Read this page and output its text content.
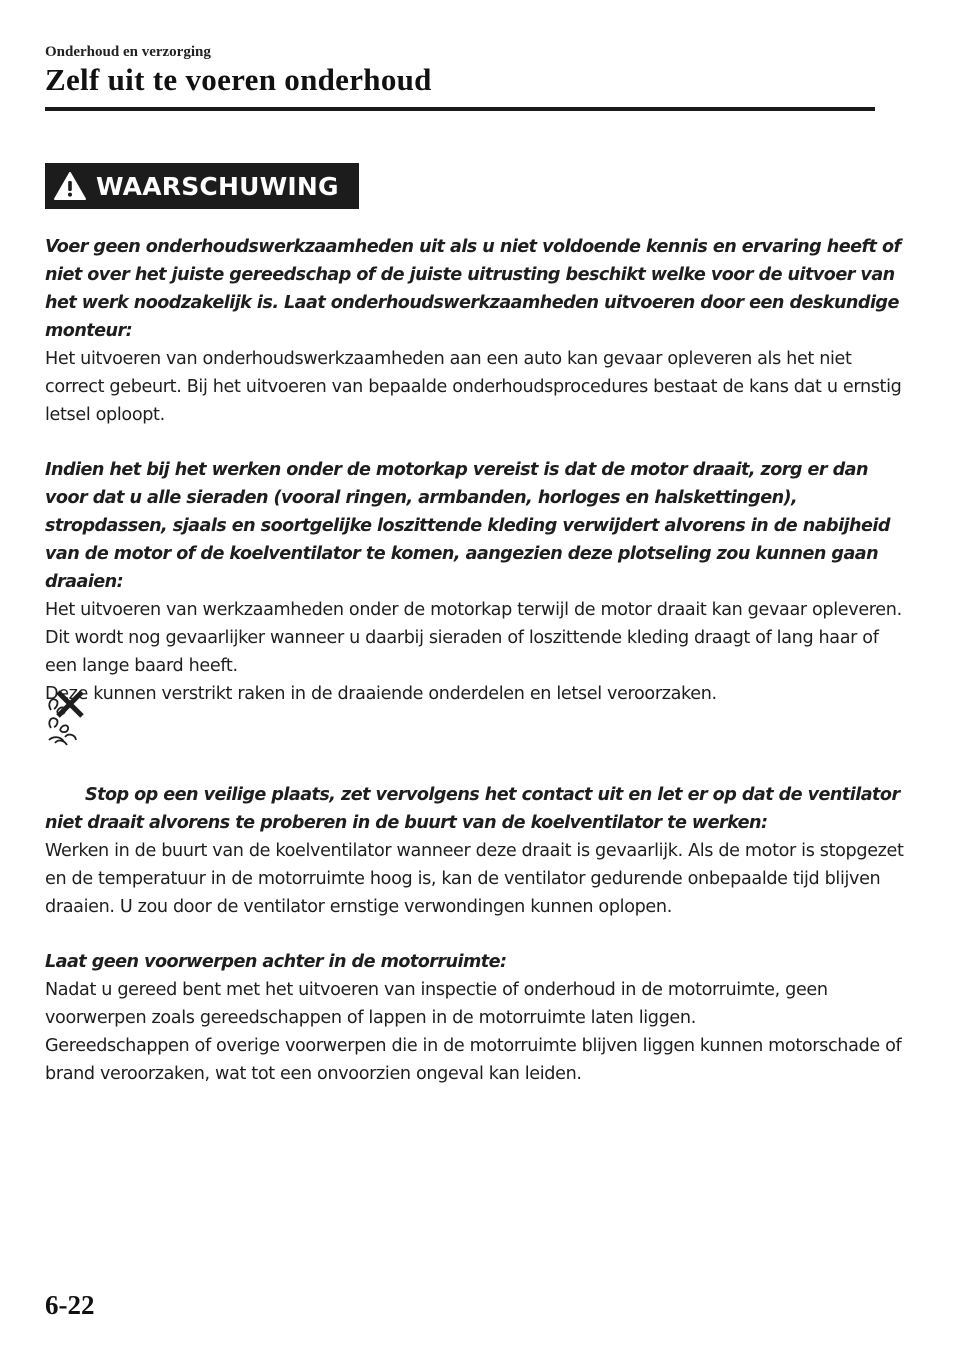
Onderhoud en verzorging
Zelf uit te voeren onderhoud
WAARSCHUWING

Voer geen onderhoudswerkzaamheden uit als u niet voldoende kennis en ervaring heeft of niet over het juiste gereedschap of de juiste uitrusting beschikt welke voor de uitvoer van het werk noodzakelijk is. Laat onderhoudswerkzaamheden uitvoeren door een deskundige monteur:

Het uitvoeren van onderhoudswerkzaamheden aan een auto kan gevaar opleveren als het niet correct gebeurt. Bij het uitvoeren van bepaalde onderhoudsprocedures bestaat de kans dat u ernstig letsel oploopt.

Indien het bij het werken onder de motorkap vereist is dat de motor draait, zorg er dan voor dat u alle sieraden (vooral ringen, armbanden, horloges en halskettingen), stropdassen, sjaals en soortgelijke loszittende kleding verwijdert alvorens in de nabijheid van de motor of de koelventilator te komen, aangezien deze plotseling zou kunnen gaan draaien:

Het uitvoeren van werkzaamheden onder de motorkap terwijl de motor draait kan gevaar opleveren. Dit wordt nog gevaarlijker wanneer u daarbij sieraden of loszittende kleding draagt of lang haar of een lange baard heeft.

Deze kunnen verstrikt raken in de draaiende onderdelen en letsel veroorzaken.

Stop op een veilige plaats, zet vervolgens het contact uit en let er op dat de ventilator niet draait alvorens te proberen in de buurt van de koelventilator te werken:

Werken in de buurt van de koelventilator wanneer deze draait is gevaarlijk. Als de motor is stopgezet en de temperatuur in de motorruimte hoog is, kan de ventilator gedurende onbepaalde tijd blijven draaien. U zou door de ventilator ernstige verwondingen kunnen oplopen.

Laat geen voorwerpen achter in de motorruimte:

Nadat u gereed bent met het uitvoeren van inspectie of onderhoud in de motorruimte, geen voorwerpen zoals gereedschappen of lappen in de motorruimte laten liggen.

Gereedschappen of overige voorwerpen die in de motorruimte blijven liggen kunnen motorschade of brand veroorzaken, wat tot een onvoorzien ongeval kan leiden.

6-22
